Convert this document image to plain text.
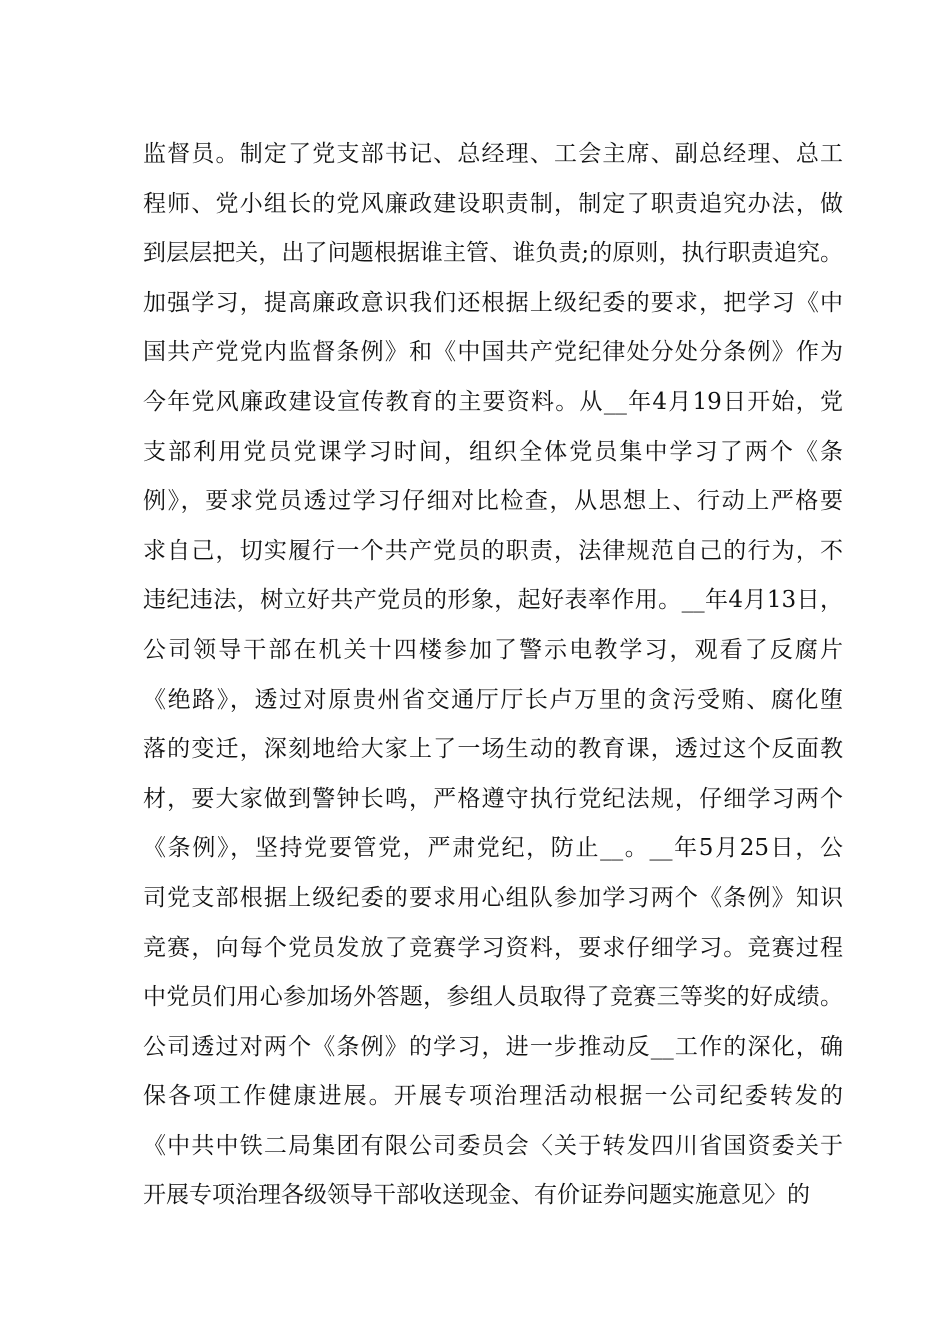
监督员。制定了党支部书记、总经理、工会主席、副总经理、总工
程师、党小组长的党风廉政建设职责制，制定了职责追究办法，做
到层层把关，出了问题根据谁主管、谁负责;的原则，执行职责追究。
加强学习，提高廉政意识我们还根据上级纪委的要求，把学习《中
国共产党党内监督条例》和《中国共产党纪律处分处分条例》作为
今年党风廉政建设宣传教育的主要资料。从__年4月19日开始，党
支部利用党员党课学习时间，组织全体党员集中学习了两个《条
例》，要求党员透过学习仔细对比检查，从思想上、行动上严格要
求自己，切实履行一个共产党员的职责，法律规范自己的行为，不
违纪违法，树立好共产党员的形象，起好表率作用。__年4月13日，
公司领导干部在机关十四楼参加了警示电教学习，观看了反腐片
《绝路》，透过对原贵州省交通厅厅长卢万里的贪污受贿、腐化堕
落的变迁，深刻地给大家上了一场生动的教育课，透过这个反面教
材，要大家做到警钟长鸣，严格遵守执行党纪法规，仔细学习两个
《条例》，坚持党要管党，严肃党纪，防止__。__年5月25日，公
司党支部根据上级纪委的要求用心组队参加学习两个《条例》知识
竞赛，向每个党员发放了竞赛学习资料，要求仔细学习。竞赛过程
中党员们用心参加场外答题，参组人员取得了竞赛三等奖的好成绩。
公司透过对两个《条例》的学习，进一步推动反__工作的深化，确
保各项工作健康进展。开展专项治理活动根据一公司纪委转发的
《中共中铁二局集团有限公司委员会〈关于转发四川省国资委关于
开展专项治理各级领导干部收送现金、有价证券问题实施意见〉的
